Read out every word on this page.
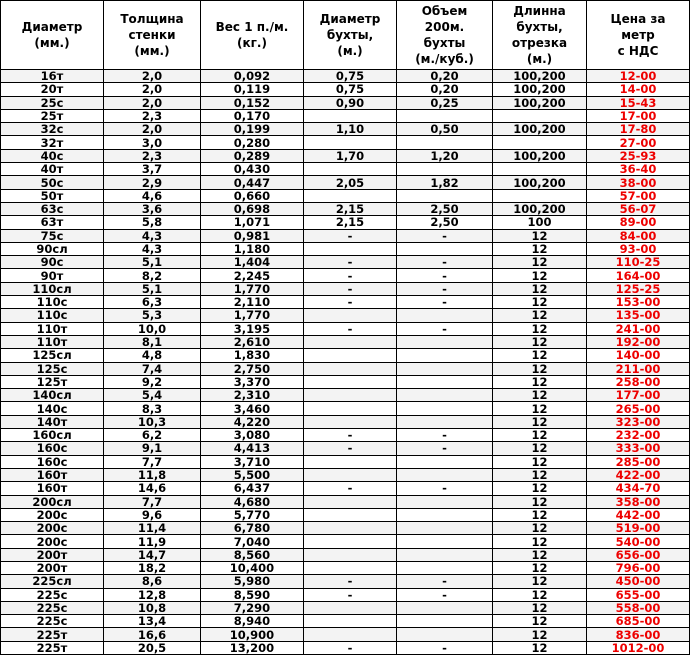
Диаметр
(мм.)	Толщина
стенки
(мм.)	Вес 1 п./м.
(кг.)	Диаметр
бухты,
(м.)	Объем
200м.
бухты
(м./куб.)	Длинна
бухты,
отрезка
(м.)	Цена за
метр
с НДС
16т	2,0	0,092	0,75	0,20	100,200	12-00
20т	2,0	0,119	0,75	0,20	100,200	14-00
25с	2,0	0,152	0,90	0,25	100,200	15-43
25т	2,3	0,170				17-00
32с	2,0	0,199	1,10	0,50	100,200	17-80
32т	3,0	0,280				27-00
40с	2,3	0,289	1,70	1,20	100,200	25-93
40т	3,7	0,430				36-40
50с	2,9	0,447	2,05	1,82	100,200	38-00
50т	4,6	0,660				57-00
63с	3,6	0,698	2,15	2,50	100,200	56-07
63т	5,8	1,071	2,15	2,50	100	89-00
75с	4,3	0,981	-	-	12	84-00
90сл	4,3	1,180			12	93-00
90с	5,1	1,404	-	-	12	110-25
90т	8,2	2,245	-	-	12	164-00
110сл	5,1	1,770	-	-	12	125-25
110с	6,3	2,110	-	-	12	153-00
110с	5,3	1,770			12	135-00
110т	10,0	3,195	-	-	12	241-00
110т	8,1	2,610			12	192-00
125сл	4,8	1,830			12	140-00
125с	7,4	2,750			12	211-00
125т	9,2	3,370			12	258-00
140сл	5,4	2,310			12	177-00
140с	8,3	3,460			12	265-00
140т	10,3	4,220			12	323-00
160сл	6,2	3,080	-	-	12	232-00
160с	9,1	4,413	-	-	12	333-00
160с	7,7	3,710			12	285-00
160т	11,8	5,500			12	422-00
160т	14,6	6,437	-	-	12	434-70
200сл	7,7	4,680			12	358-00
200с	9,6	5,770			12	442-00
200с	11,4	6,780			12	519-00
200с	11,9	7,040			12	540-00
200т	14,7	8,560			12	656-00
200т	18,2	10,400			12	796-00
225сл	8,6	5,980	-	-	12	450-00
225с	12,8	8,590	-	-	12	655-00
225с	10,8	7,290			12	558-00
225с	13,4	8,940			12	685-00
225т	16,6	10,900			12	836-00
225т	20,5	13,200	-	-	12	1012-00
